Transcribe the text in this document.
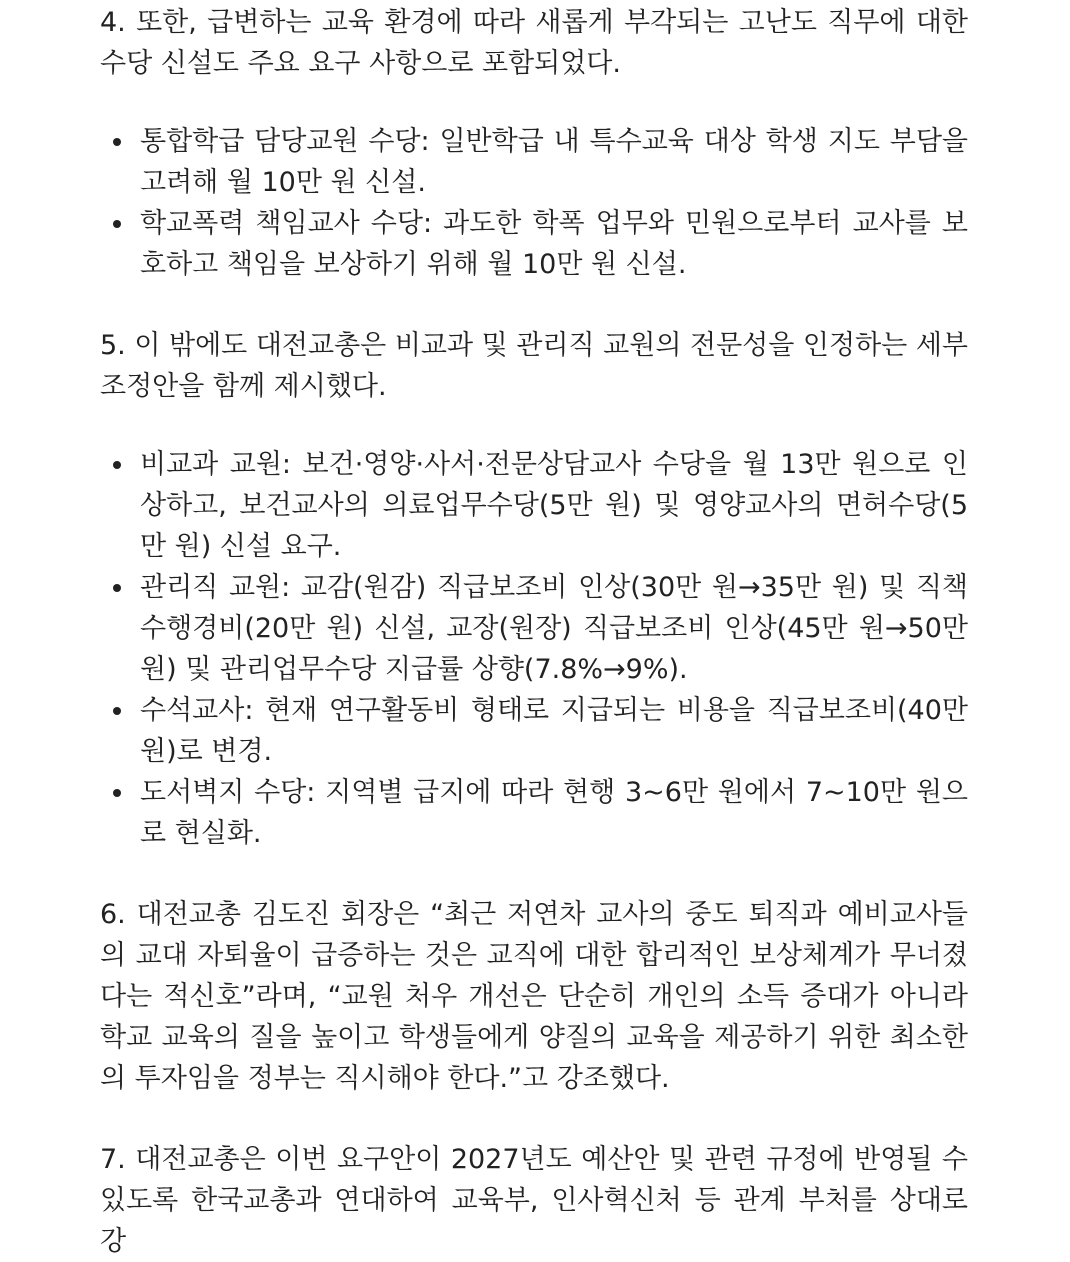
4. 또한, 급변하는 교육 환경에 따라 새롭게 부각되는 고난도 직무에 대한 수당 신설도 주요 요구 사항으로 포함되었다.

통합학급 담당교원 수당: 일반학급 내 특수교육 대상 학생 지도 부담을 고려해 월 10만 원 신설.
학교폭력 책임교사 수당: 과도한 학폭 업무와 민원으로부터 교사를 보호하고 책임을 보상하기 위해 월 10만 원 신설.

5. 이 밖에도 대전교총은 비교과 및 관리직 교원의 전문성을 인정하는 세부 조정안을 함께 제시했다.

비교과 교원: 보건·영양·사서·전문상담교사 수당을 월 13만 원으로 인상하고, 보건교사의 의료업무수당(5만 원) 및 영양교사의 면허수당(5만 원) 신설 요구.
관리직 교원: 교감(원감) 직급보조비 인상(30만 원→35만 원) 및 직책수행경비(20만 원) 신설, 교장(원장) 직급보조비 인상(45만 원→50만 원) 및 관리업무수당 지급률 상향(7.8%→9%).
수석교사: 현재 연구활동비 형태로 지급되는 비용을 직급보조비(40만 원)로 변경.
도서벽지 수당: 지역별 급지에 따라 현행 3~6만 원에서 7~10만 원으로 현실화.

6. 대전교총 김도진 회장은 “최근 저연차 교사의 중도 퇴직과 예비교사들의 교대 자퇴율이 급증하는 것은 교직에 대한 합리적인 보상체계가 무너졌다는 적신호”라며, “교원 처우 개선은 단순히 개인의 소득 증대가 아니라 학교 교육의 질을 높이고 학생들에게 양질의 교육을 제공하기 위한 최소한의 투자임을 정부는 직시해야 한다.”고 강조했다.

7. 대전교총은 이번 요구안이 2027년도 예산안 및 관련 규정에 반영될 수 있도록 한국교총과 연대하여 교육부, 인사혁신처 등 관계 부처를 상대로 강
